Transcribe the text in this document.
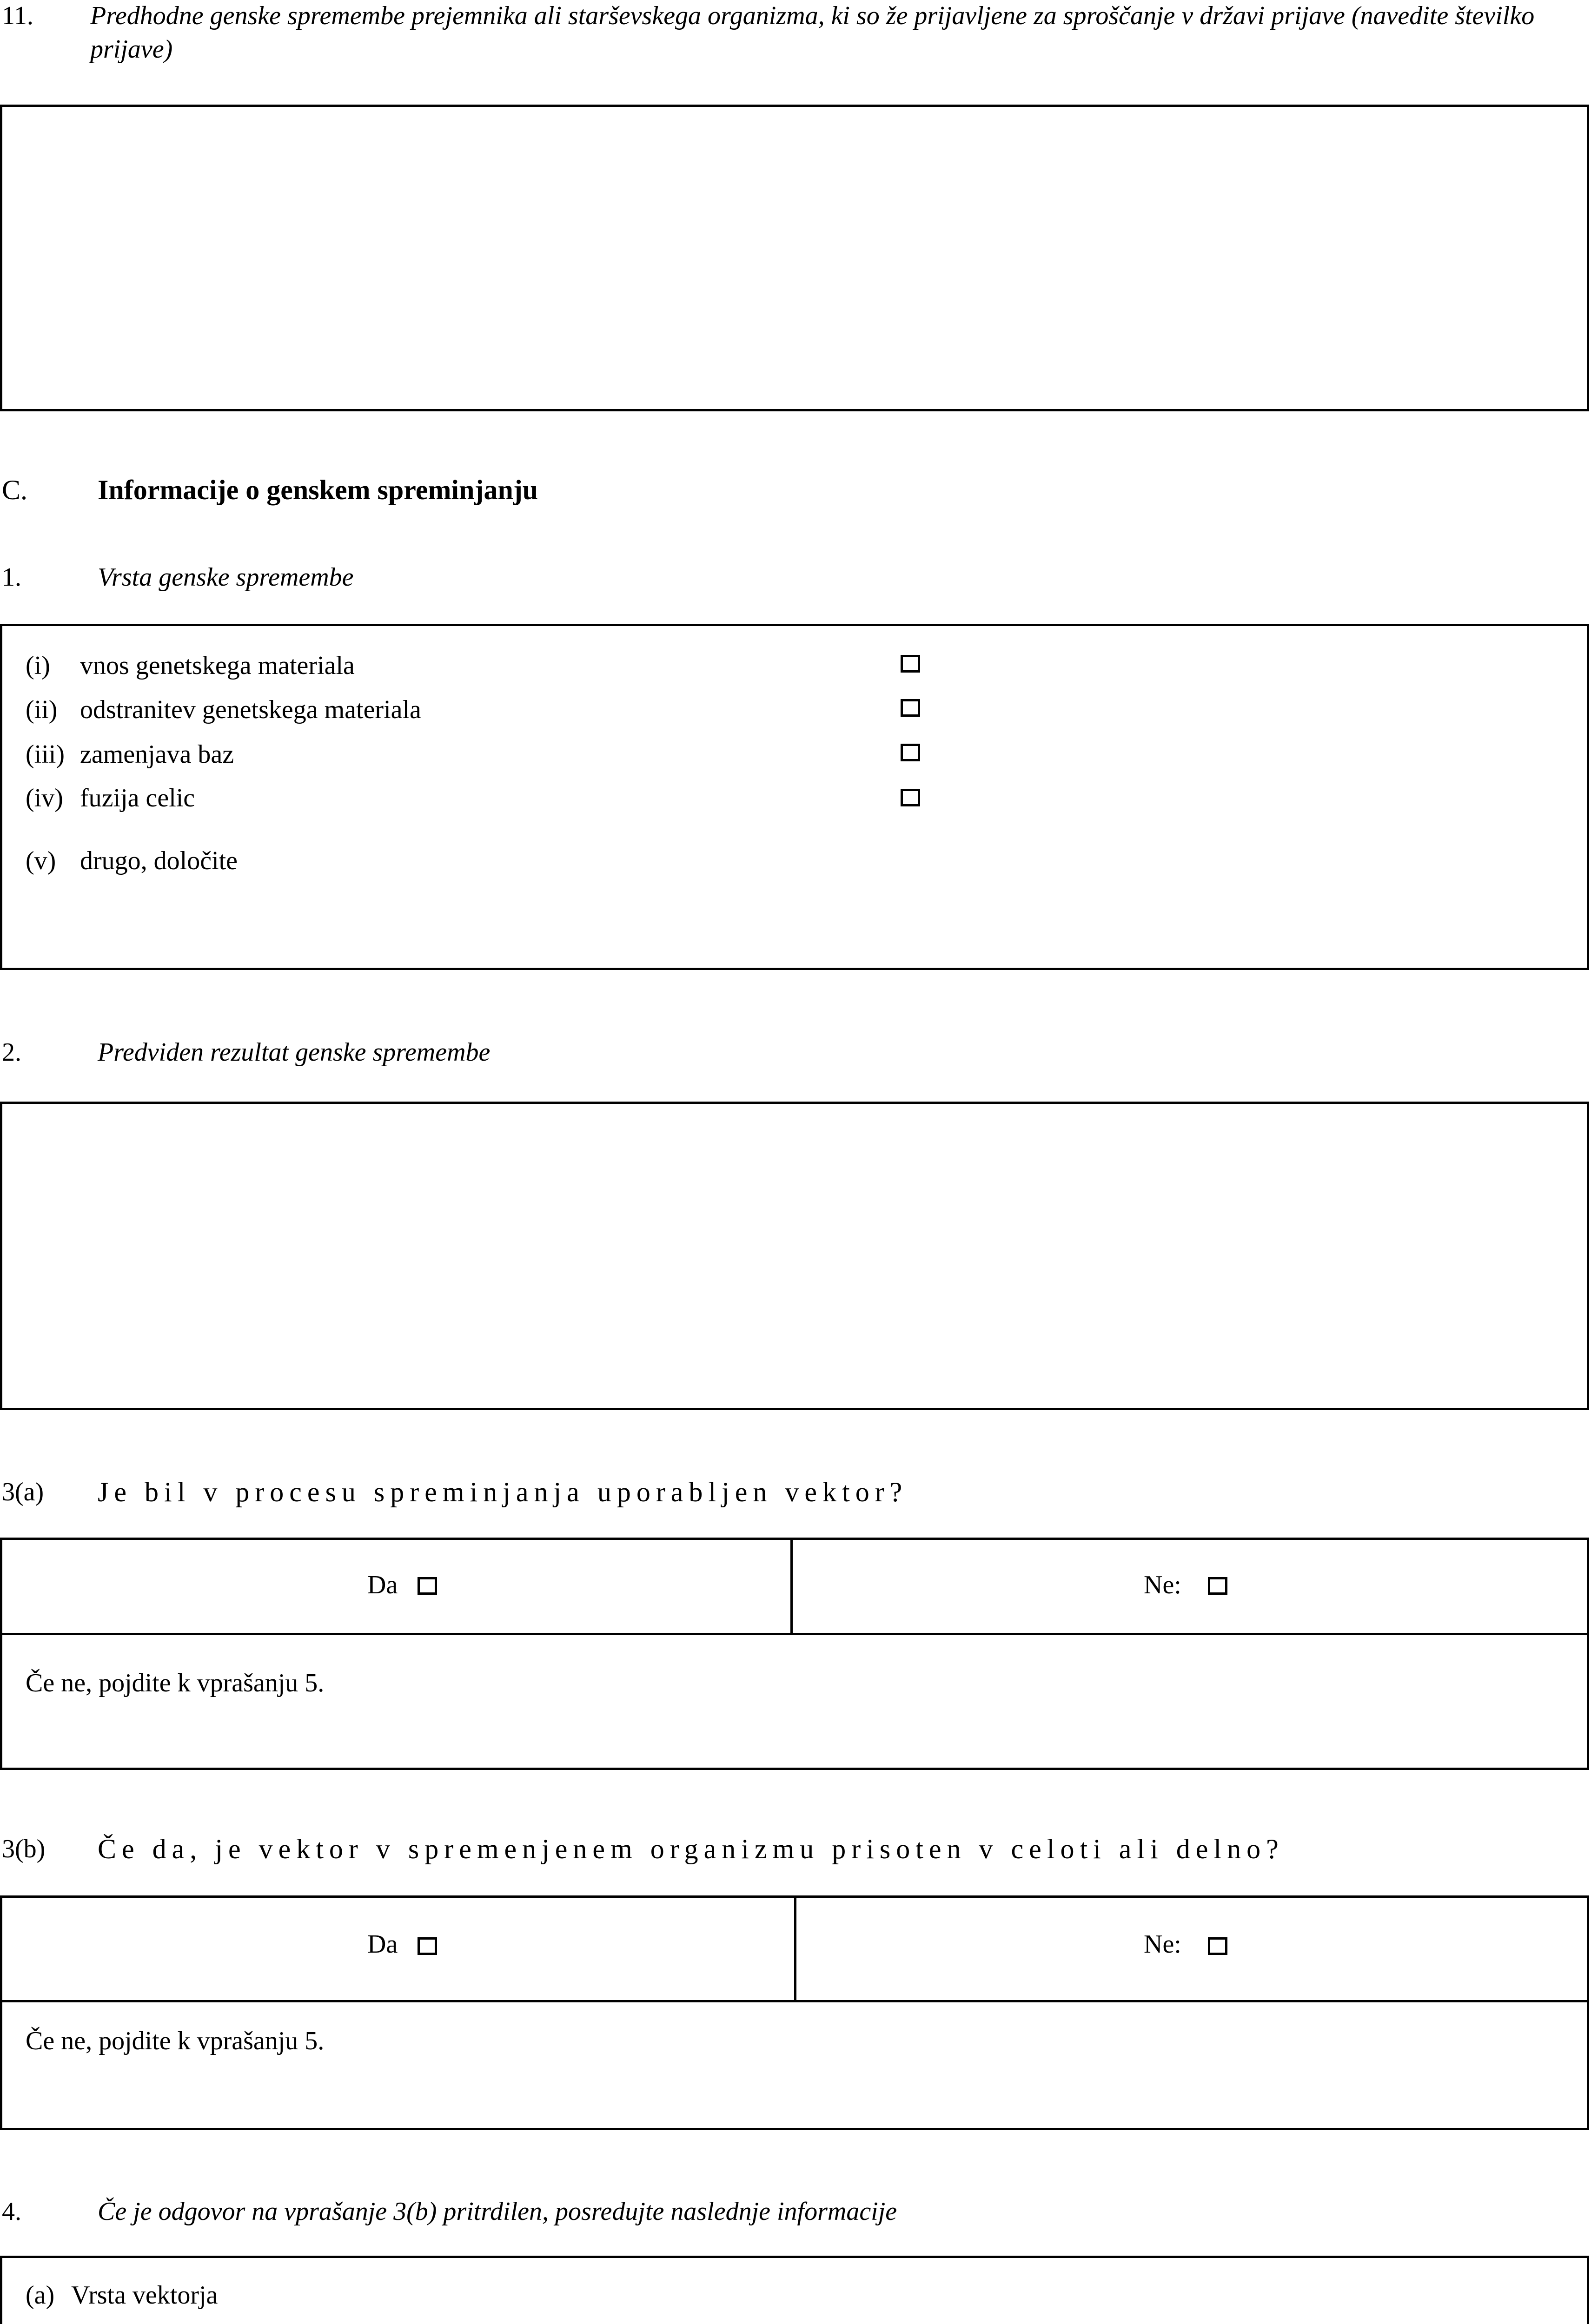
11. Predhodne genske spremembe prejemnika ali starševskega organizma, ki so že prijavljene za sproščanje v državi prijave (navedite številko
prijave)
C.	Informacije o genskem spreminjanju
1.	Vrsta genske spremembe
(i) vnos genetskega materiala
(ii) odstranitev genetskega materiala
(iii) zamenjava baz
(iv) fuzija celic
(v) drugo, določite
2.	Predviden rezultat genske spremembe
3(a) Je bil v procesu spreminjanja uporabljen vektor?
Da	Ne:
Če ne, pojdite k vprašanju 5.
3(b) Če da, je vektor v spremenjenem organizmu prisoten v celoti ali delno?
Da	Ne:
Če ne, pojdite k vprašanju 5.
4.	Če je odgovor na vprašanje 3(b) pritrdilen, posredujte naslednje informacije
(a) Vrsta vektorja
